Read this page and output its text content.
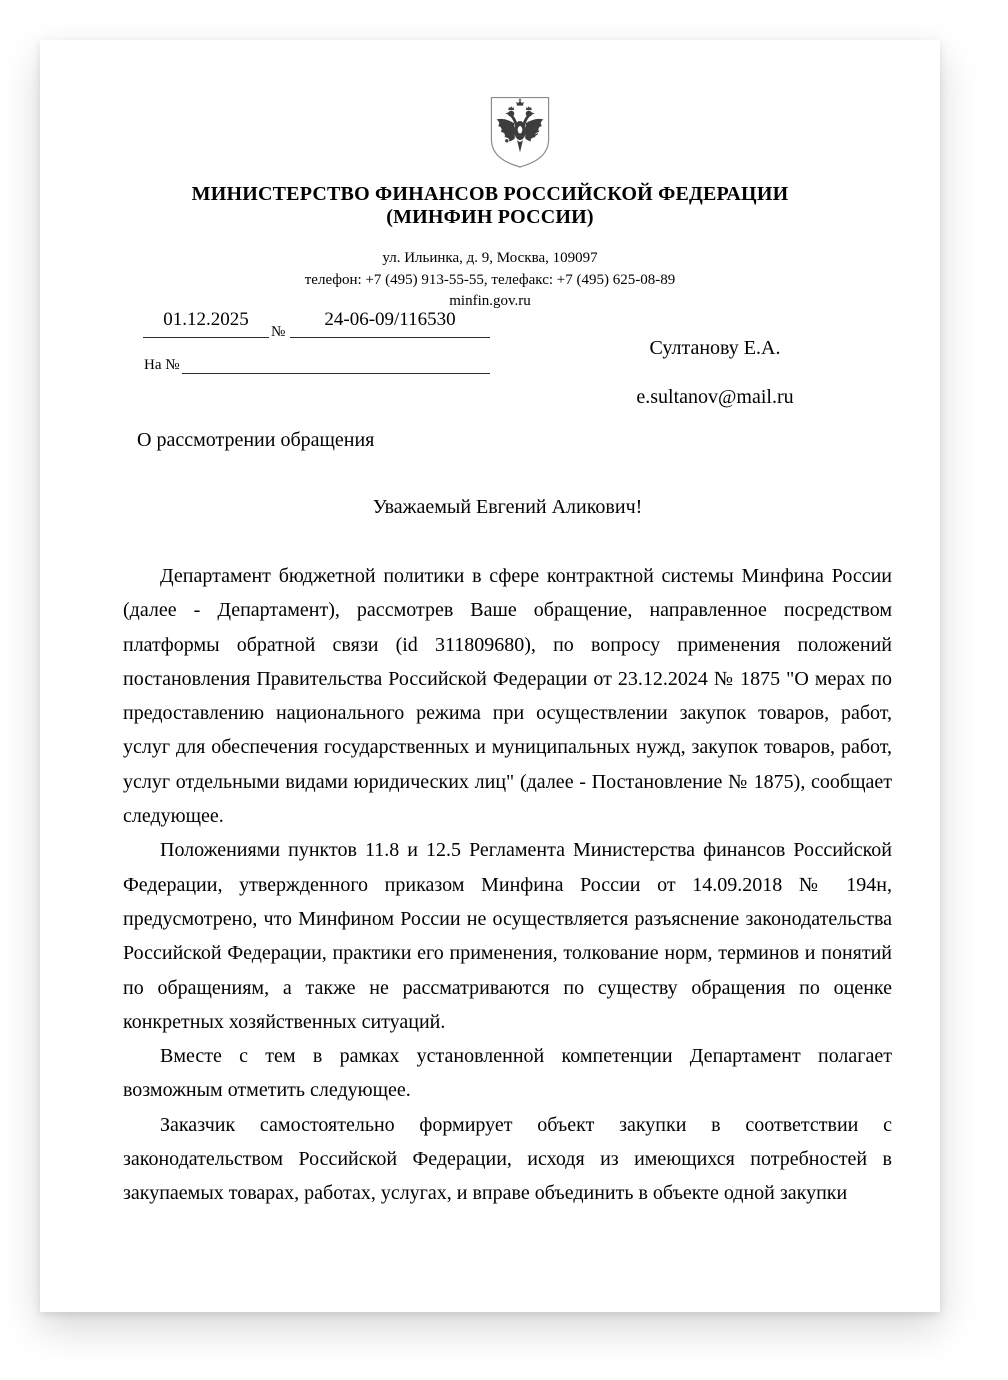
МИНИСТЕРСТВО ФИНАНСОВ РОССИЙСКОЙ ФЕДЕРАЦИИ
(МИНФИН РОССИИ)
ул. Ильинка, д. 9, Москва, 109097
телефон: +7 (495) 913-55-55, телефакс: +7 (495) 625-08-89
minfin.gov.ru
01.12.2025
№
24-06-09/116530
На №
Султанову Е.А.
e.sultanov@mail.ru
О рассмотрении обращения
Уважаемый Евгений Аликович!

Департамент бюджетной политики в сфере контрактной системы Минфина России (далее - Департамент), рассмотрев Ваше обращение, направленное посредством платформы обратной связи (id 311809680), по вопросу применения положений постановления Правительства Российской Федерации от 23.12.2024 № 1875 "О мерах по предоставлению национального режима при осуществлении закупок товаров, работ, услуг для обеспечения государственных и муниципальных нужд, закупок товаров, работ, услуг отдельными видами юридических лиц" (далее - Постановление № 1875), сообщает следующее.

Положениями пунктов 11.8 и 12.5 Регламента Министерства финансов Российской Федерации, утвержденного приказом Минфина России от 14.09.2018 № 194н, предусмотрено, что Минфином России не осуществляется разъяснение законодательства Российской Федерации, практики его применения, толкование норм, терминов и понятий по обращениям, а также не рассматриваются по существу обращения по оценке конкретных хозяйственных ситуаций.

Вместе с тем в рамках установленной компетенции Департамент полагает возможным отметить следующее.

Заказчик самостоятельно формирует объект закупки в соответствии с законодательством Российской Федерации, исходя из имеющихся потребностей в закупаемых товарах, работах, услугах, и вправе объединить в объекте одной закупки
